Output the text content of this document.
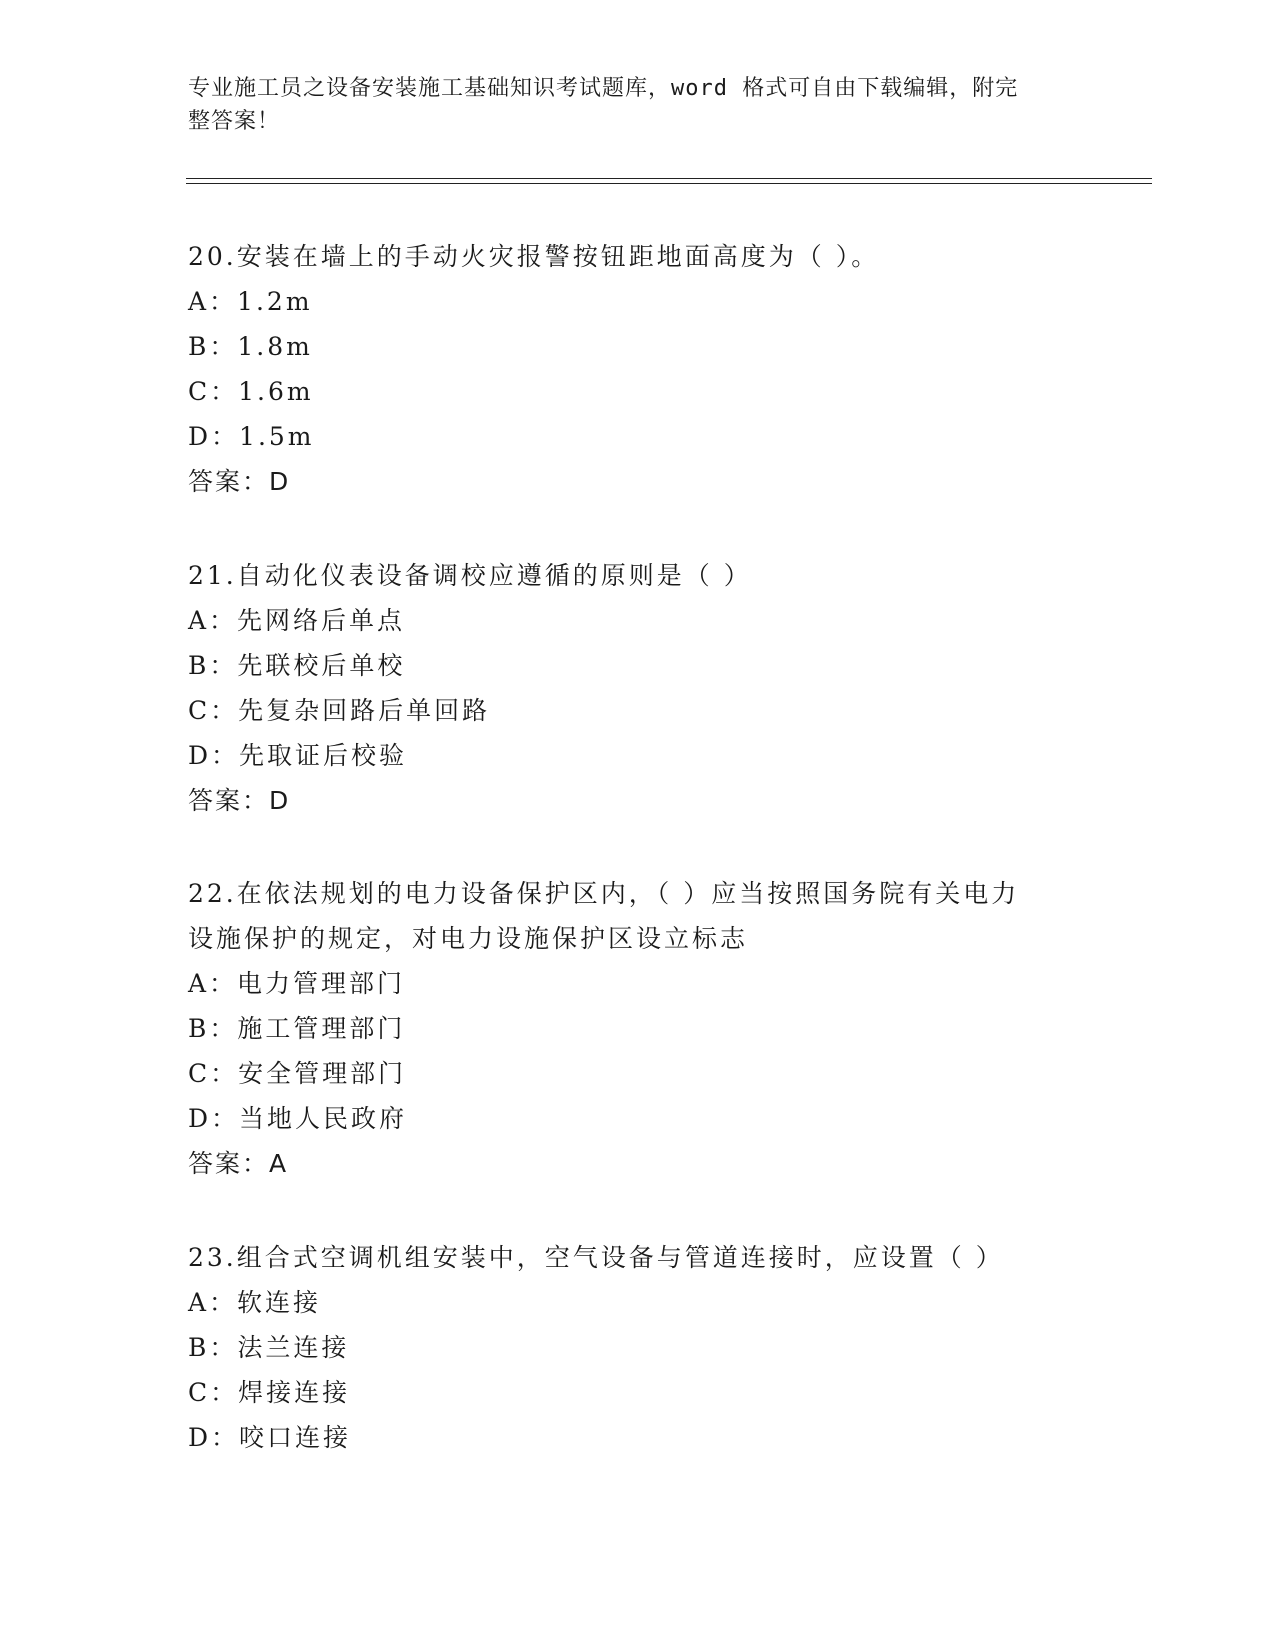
专业施工员之设备安装施工基础知识考试题库，word 格式可自由下载编辑，附完
整答案！

20.安装在墙上的手动火灾报警按钮距地面高度为（ ）。

A：1.2m

B：1.8m

C：1.6m

D：1.5m

答案：D

21.自动化仪表设备调校应遵循的原则是（ ）

A：先网络后单点

B：先联校后单校

C：先复杂回路后单回路

D：先取证后校验

答案：D

22.在依法规划的电力设备保护区内，（ ）应当按照国务院有关电力

设施保护的规定，对电力设施保护区设立标志

A：电力管理部门

B：施工管理部门

C：安全管理部门

D：当地人民政府

答案：A

23.组合式空调机组安装中，空气设备与管道连接时，应设置（ ）

A：软连接

B：法兰连接

C：焊接连接

D：咬口连接
